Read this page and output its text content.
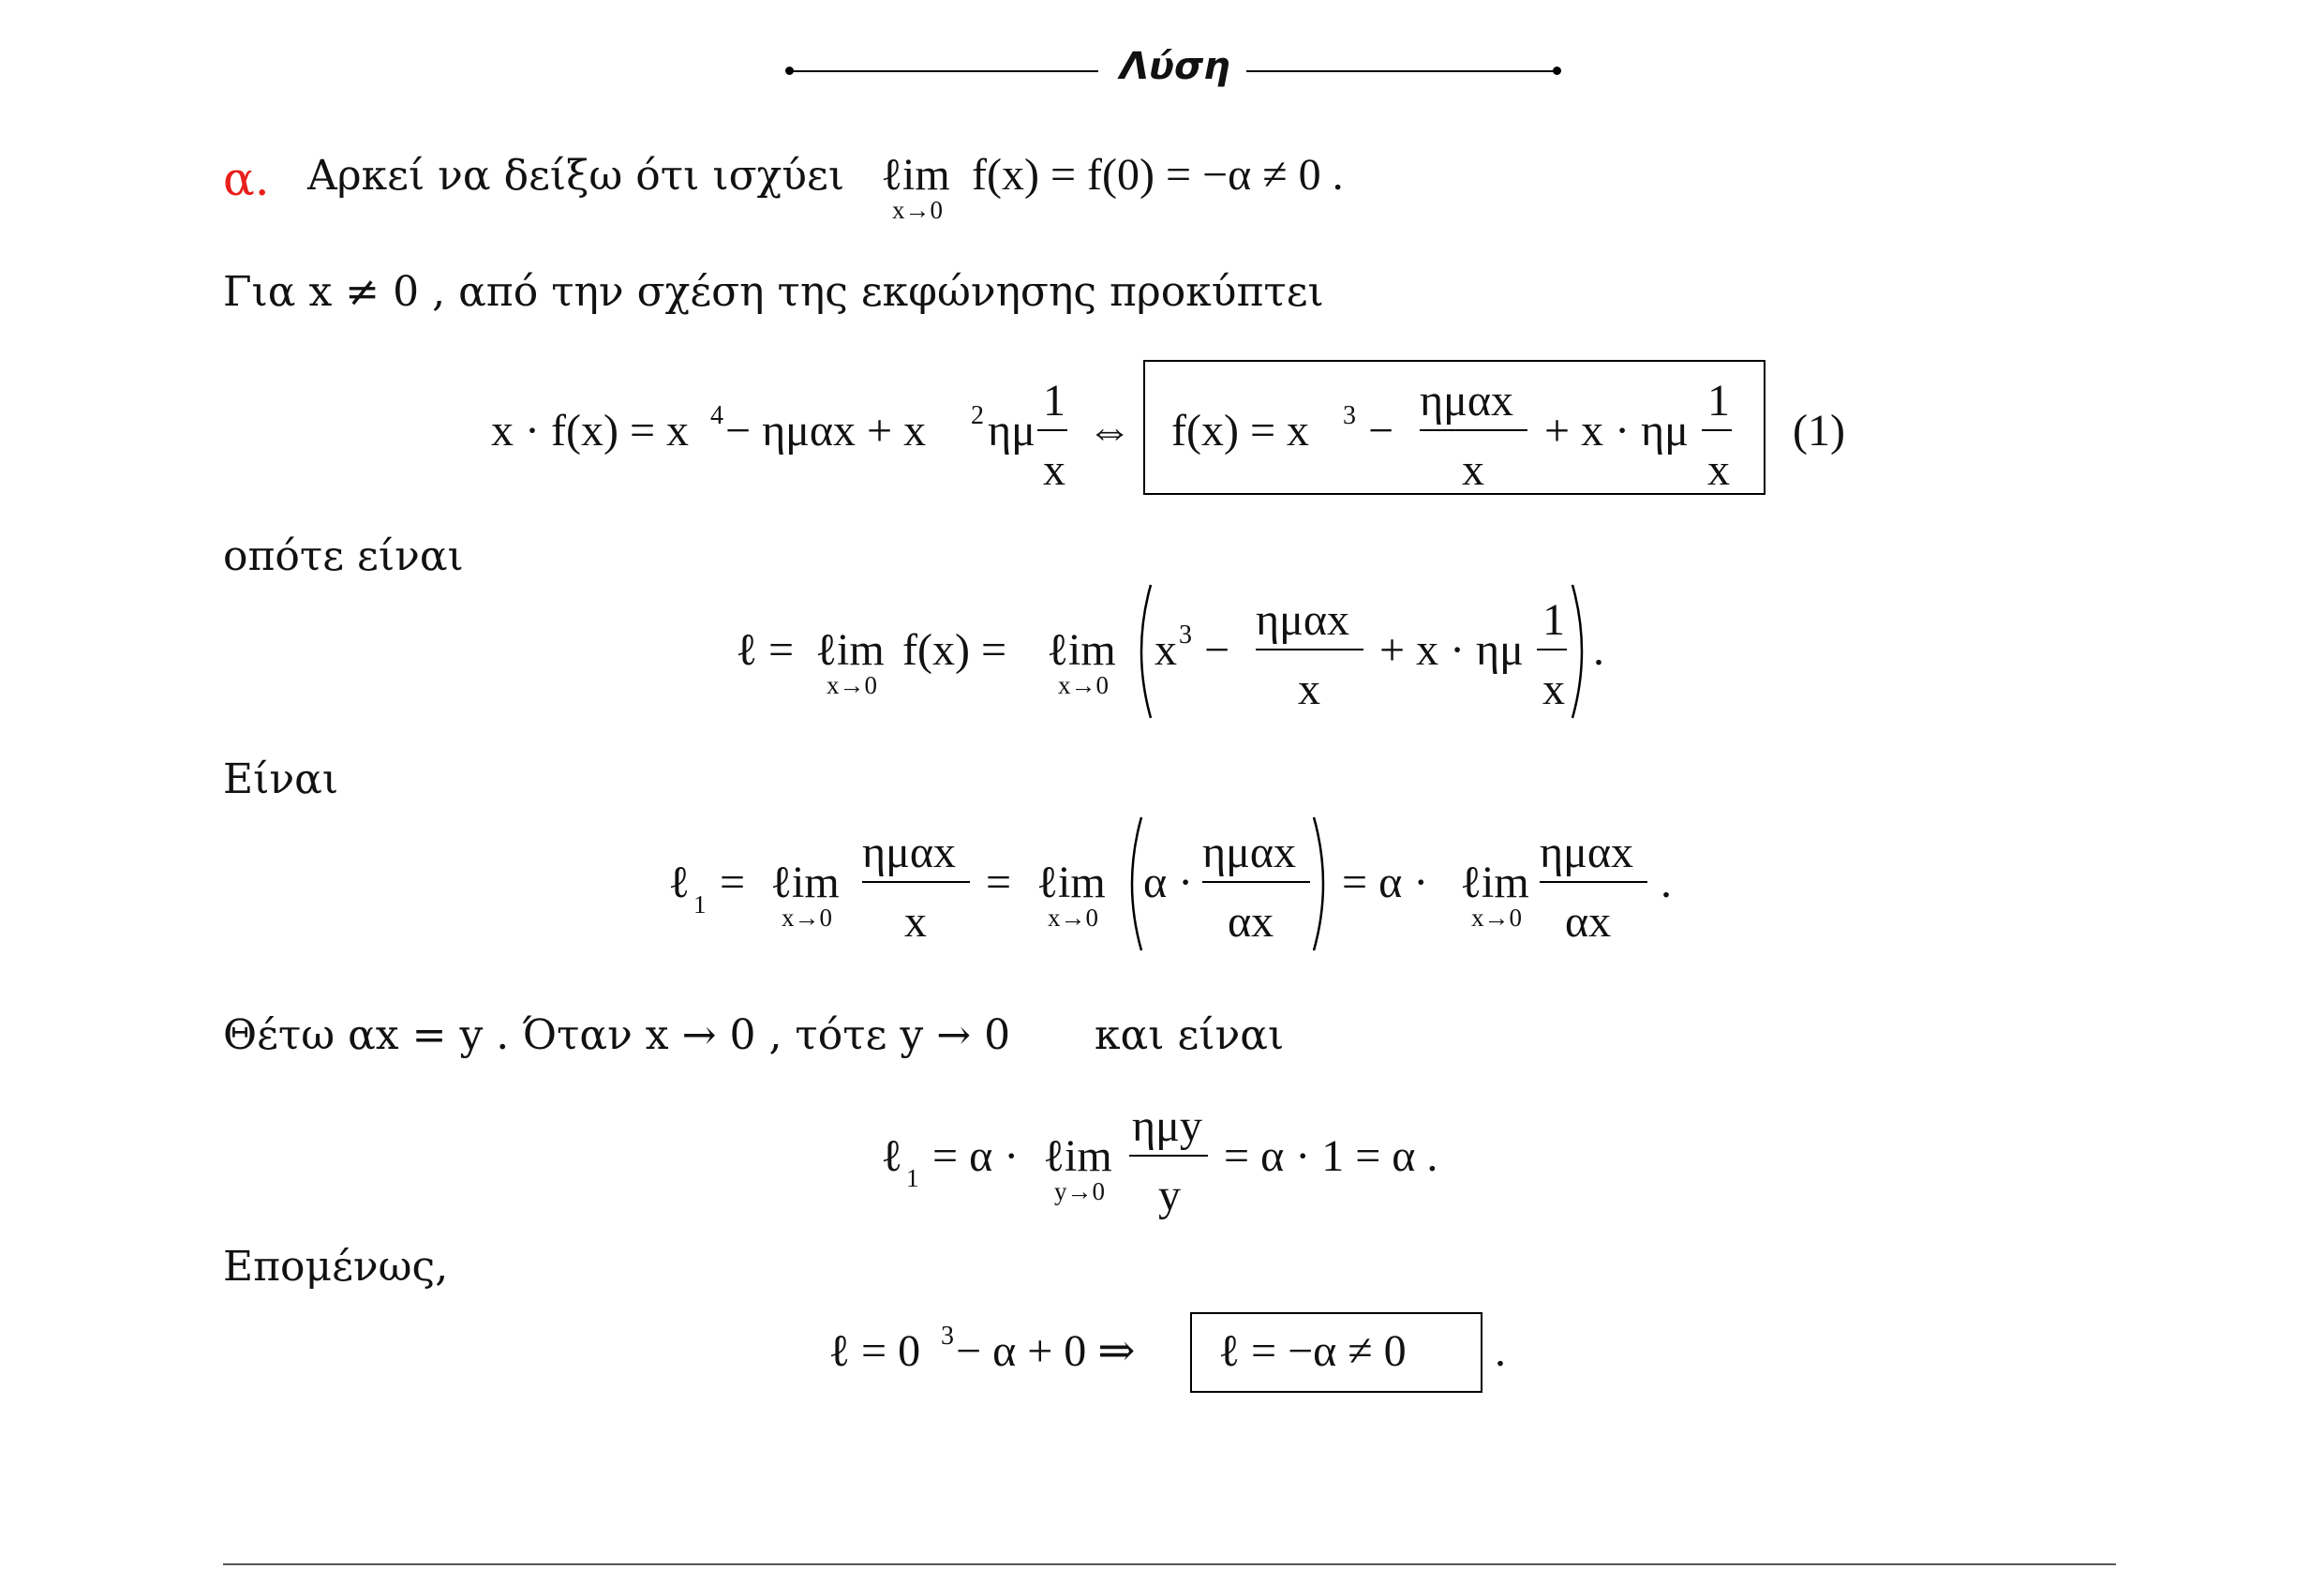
Λύση
α. Αρκεί να δείξω ότι ισχύει ℓim
x→0
f(x) = f(0) = −α ≠ 0 .
Για x ≠ 0 , από την σχέση της εκφώνησης προκύπτει
x · f(x) = x 4 − ημαx + x 2 ημ
1
x
⇔ f(x) = x 3 −
ημαx
x
+ x · ημ
1
x
(1)
οπότε είναι
ℓ = ℓim
x→0
f(x) = ℓim
x→0
x 3 −
ημαx
x
+ x · ημ
1
x
.
Είναι
ℓ 1 = ℓim
x→0
ημαx
x
= ℓim
x→0
α ·
ημαx
αx
= α · ℓim
x→0
ημαx
αx
.
Θέτω αx = y . Όταν x → 0 , τότε y → 0 και είναι
ℓ 1 = α · ℓim
y→0
ημy
y
= α · 1 = α .
Επομένως,
ℓ = 0 3 − α + 0 ⇒ ℓ = −α ≠ 0 .
